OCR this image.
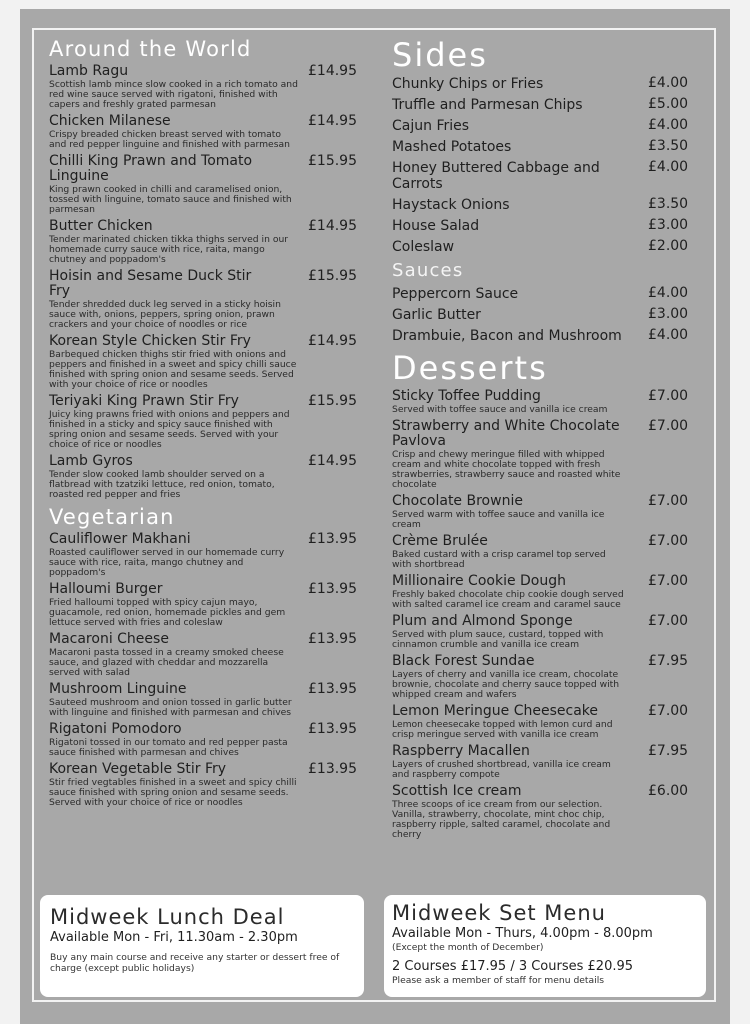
Around the World
Lamb Ragu	£14.95
Scottish lamb mince slow cooked in a rich tomato and red wine sauce served with rigatoni, finished with capers and freshly grated parmesan
Chicken Milanese	£14.95
Crispy breaded chicken breast served with tomato and red pepper linguine and finished with parmesan
Chilli King Prawn and Tomato Linguine
£15.95
King prawn cooked in chilli and caramelised onion, tossed with linguine, tomato sauce and finished with parmesan
Butter Chicken	£14.95
Tender marinated chicken tikka thighs served in our homemade curry sauce with rice, raita, mango chutney and poppadom's
Hoisin and Sesame Duck Stir Fry
£15.95
Tender shredded duck leg served in a sticky hoisin sauce with, onions, peppers, spring onion, prawn crackers and your choice of noodles or rice
Korean Style Chicken Stir Fry	£14.95
Barbequed chicken thighs stir fried with onions and peppers and finished in a sweet and spicy chilli sauce finished with spring onion and sesame seeds. Served with your choice of rice or noodles
Teriyaki King Prawn Stir Fry	£15.95
Juicy king prawns fried with onions and peppers and finished in a sticky and spicy sauce finished with spring onion and sesame seeds. Served with your choice of rice or noodles
Lamb Gyros	£14.95
Tender slow cooked lamb shoulder served on a flatbread with tzatziki lettuce, red onion, tomato, roasted red pepper and fries
Vegetarian
Cauliflower Makhani	£13.95
Roasted cauliflower served in our homemade curry sauce with rice, raita, mango chutney and poppadom's
Halloumi Burger	£13.95
Fried halloumi topped with spicy cajun mayo, guacamole, red onion, homemade pickles and gem lettuce served with fries and coleslaw
Macaroni Cheese	£13.95
Macaroni pasta tossed in a creamy smoked cheese sauce, and glazed with cheddar and mozzarella served with salad
Mushroom Linguine	£13.95
Sauteed mushroom and onion tossed in garlic butter with linguine and finished with parmesan and chives
Rigatoni Pomodoro	£13.95
Rigatoni tossed in our tomato and red pepper pasta sauce finished with parmesan and chives
Korean Vegetable Stir Fry	£13.95
Stir fried vegtables finished in a sweet and spicy chilli sauce finished with spring onion and sesame seeds. Served with your choice of rice or noodles
Sides
Chunky Chips or Fries	£4.00
Truffle and Parmesan Chips	£5.00
Cajun Fries	£4.00
Mashed Potatoes	£3.50
Honey Buttered Cabbage and Carrots
£4.00
Haystack Onions	£3.50
House Salad	£3.00
Coleslaw	£2.00
Sauces
Peppercorn Sauce	£4.00
Garlic Butter	£3.00
Drambuie, Bacon and Mushroom £4.00
Desserts
Sticky Toffee Pudding	£7.00
Served with toffee sauce and vanilla ice cream
Strawberry and White Chocolate Pavlova
£7.00
Crisp and chewy meringue filled with whipped cream and white chocolate topped with fresh strawberries, strawberry sauce and roasted white chocolate
Chocolate Brownie	£7.00
Served warm with toffee sauce and vanilla ice cream
Crème Brulée	£7.00
Baked custard with a crisp caramel top served with shortbread
Millionaire Cookie Dough	£7.00
Freshly baked chocolate chip cookie dough served with salted caramel ice cream and caramel sauce
Plum and Almond Sponge	£7.00
Served with plum sauce, custard, topped with cinnamon crumble and vanilla ice cream
Black Forest Sundae	£7.95
Layers of cherry and vanilla ice cream, chocolate brownie, chocolate and cherry sauce topped with whipped cream and wafers
Lemon Meringue Cheesecake	£7.00
Lemon cheesecake topped with lemon curd and crisp meringue served with vanilla ice cream
Raspberry Macallen	£7.95
Layers of crushed shortbread, vanilla ice cream and raspberry compote
Scottish Ice cream	£6.00
Three scoops of ice cream from our selection. Vanilla, strawberry, chocolate, mint choc chip, raspberry ripple, salted caramel, chocolate and cherry
Midweek Lunch Deal
Available Mon - Fri, 11.30am - 2.30pm
Buy any main course and receive any starter or dessert free of charge (except public holidays)
Midweek Set Menu
Available Mon - Thurs, 4.00pm - 8.00pm
(Except the month of December)
2 Courses £17.95 / 3 Courses £20.95
Please ask a member of staff for menu details
